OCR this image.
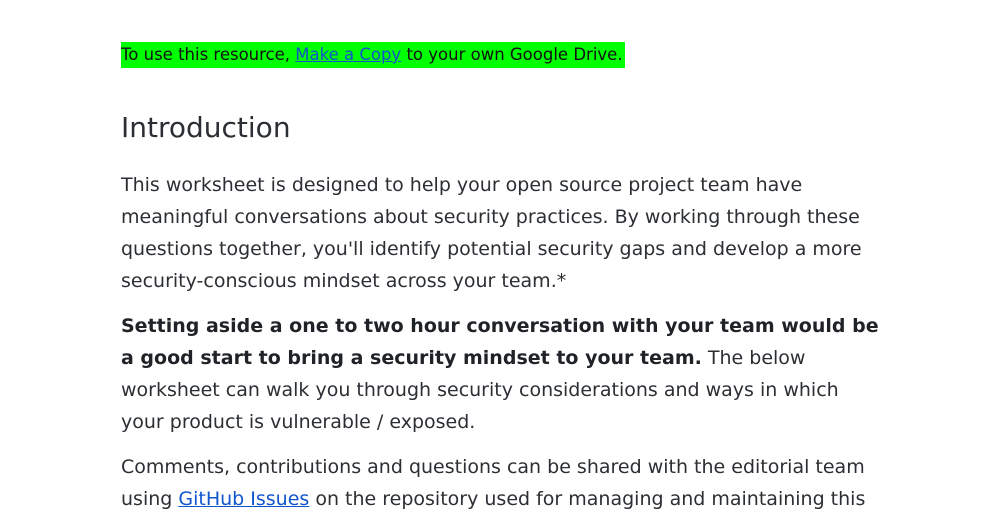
To use this resource, Make a Copy to your own Google Drive.
Introduction

This worksheet is designed to help your open source project team have meaningful conversations about security practices. By working through these questions together, you'll identify potential security gaps and develop a more security-conscious mindset across your team.*

Setting aside a one to two hour conversation with your team would be a good start to bring a security mindset to your team. The below worksheet can walk you through security considerations and ways in which your product is vulnerable / exposed.

Comments, contributions and questions can be shared with the editorial team using GitHub Issues on the repository used for managing and maintaining this
